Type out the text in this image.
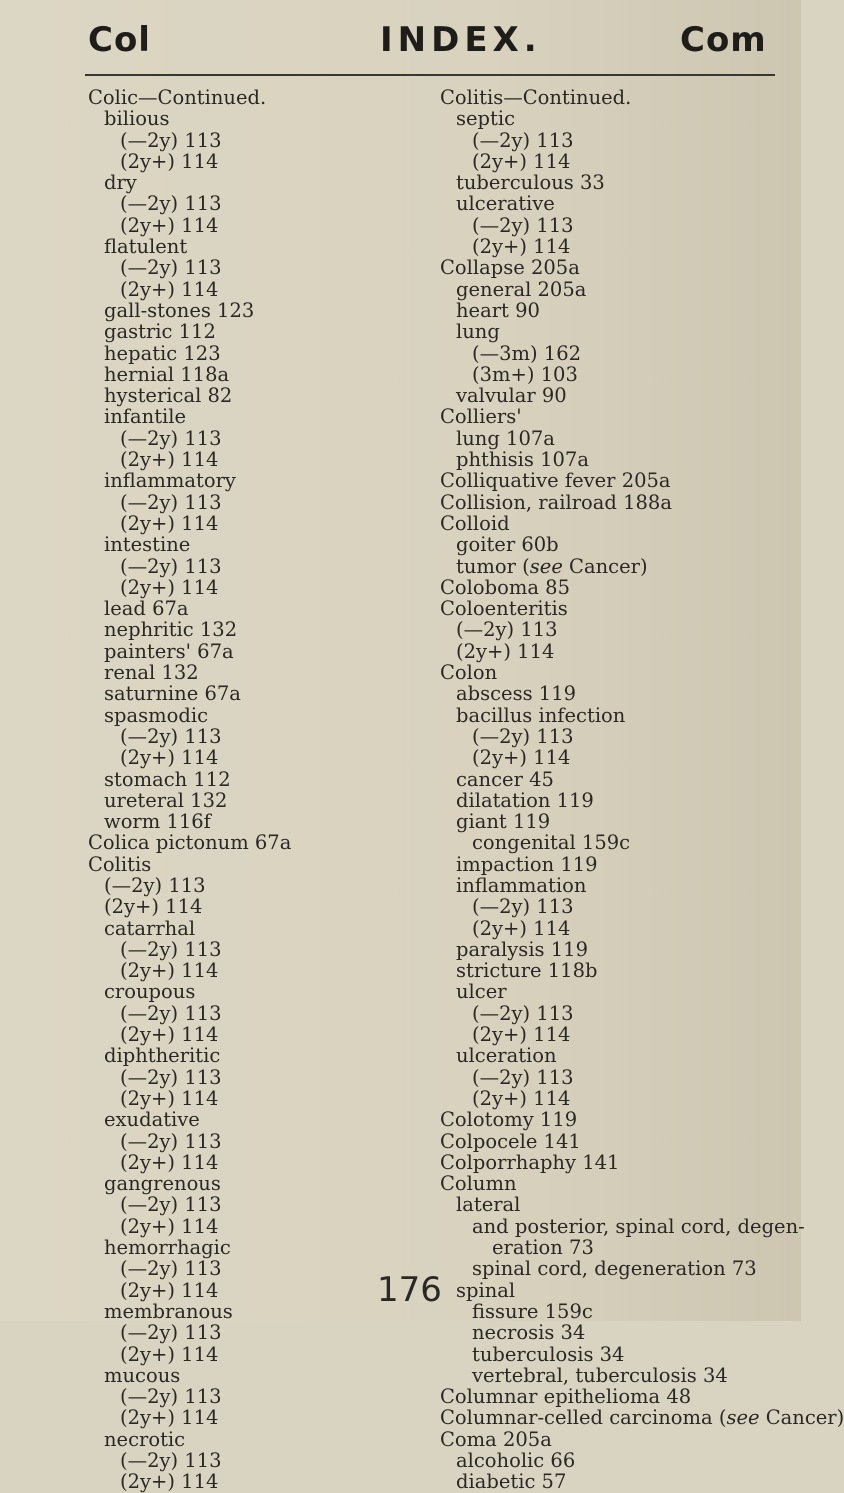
Col	INDEX.	Com
Colic—Continued.
bilious
(—2y) 113
(2y+) 114
dry
(—2y) 113
(2y+) 114
flatulent
(—2y) 113
(2y+) 114
gall-stones 123
gastric 112
hepatic 123
hernial 118a
hysterical 82
infantile
(—2y) 113
(2y+) 114
inflammatory
(—2y) 113
(2y+) 114
intestine
(—2y) 113
(2y+) 114
lead 67a
nephritic 132
painters' 67a
renal 132
saturnine 67a
spasmodic
(—2y) 113
(2y+) 114
stomach 112
ureteral 132
worm 116f
Colica pictonum 67a
Colitis
(—2y) 113
(2y+) 114
catarrhal
(—2y) 113
(2y+) 114
croupous
(—2y) 113
(2y+) 114
diphtheritic
(—2y) 113
(2y+) 114
exudative
(—2y) 113
(2y+) 114
gangrenous
(—2y) 113
(2y+) 114
hemorrhagic
(—2y) 113
(2y+) 114
membranous
(—2y) 113
(2y+) 114
mucous
(—2y) 113
(2y+) 114
necrotic
(—2y) 113
(2y+) 114
Colitis—Continued.
septic
(—2y) 113
(2y+) 114
tuberculous 33
ulcerative
(—2y) 113
(2y+) 114
Collapse 205a
general 205a
heart 90
lung
(—3m) 162
(3m+) 103
valvular 90
Colliers'
lung 107a
phthisis 107a
Colliquative fever 205a
Collision, railroad 188a
Colloid
goiter 60b
tumor (see Cancer)
Coloboma 85
Coloenteritis
(—2y) 113
(2y+) 114
Colon
abscess 119
bacillus infection
(—2y) 113
(2y+) 114
cancer 45
dilatation 119
giant 119
congenital 159c
impaction 119
inflammation
(—2y) 113
(2y+) 114
paralysis 119
stricture 118b
ulcer
(—2y) 113
(2y+) 114
ulceration
(—2y) 113
(2y+) 114
Colotomy 119
Colpocele 141
Colporrhaphy 141
Column
lateral
and posterior, spinal cord, degen-
eration 73
spinal cord, degeneration 73
spinal
fissure 159c
necrosis 34
tuberculosis 34
vertebral, tuberculosis 34
Columnar epithelioma 48
Columnar-celled carcinoma (see Cancer)
Coma 205a
alcoholic 66
diabetic 57
176
